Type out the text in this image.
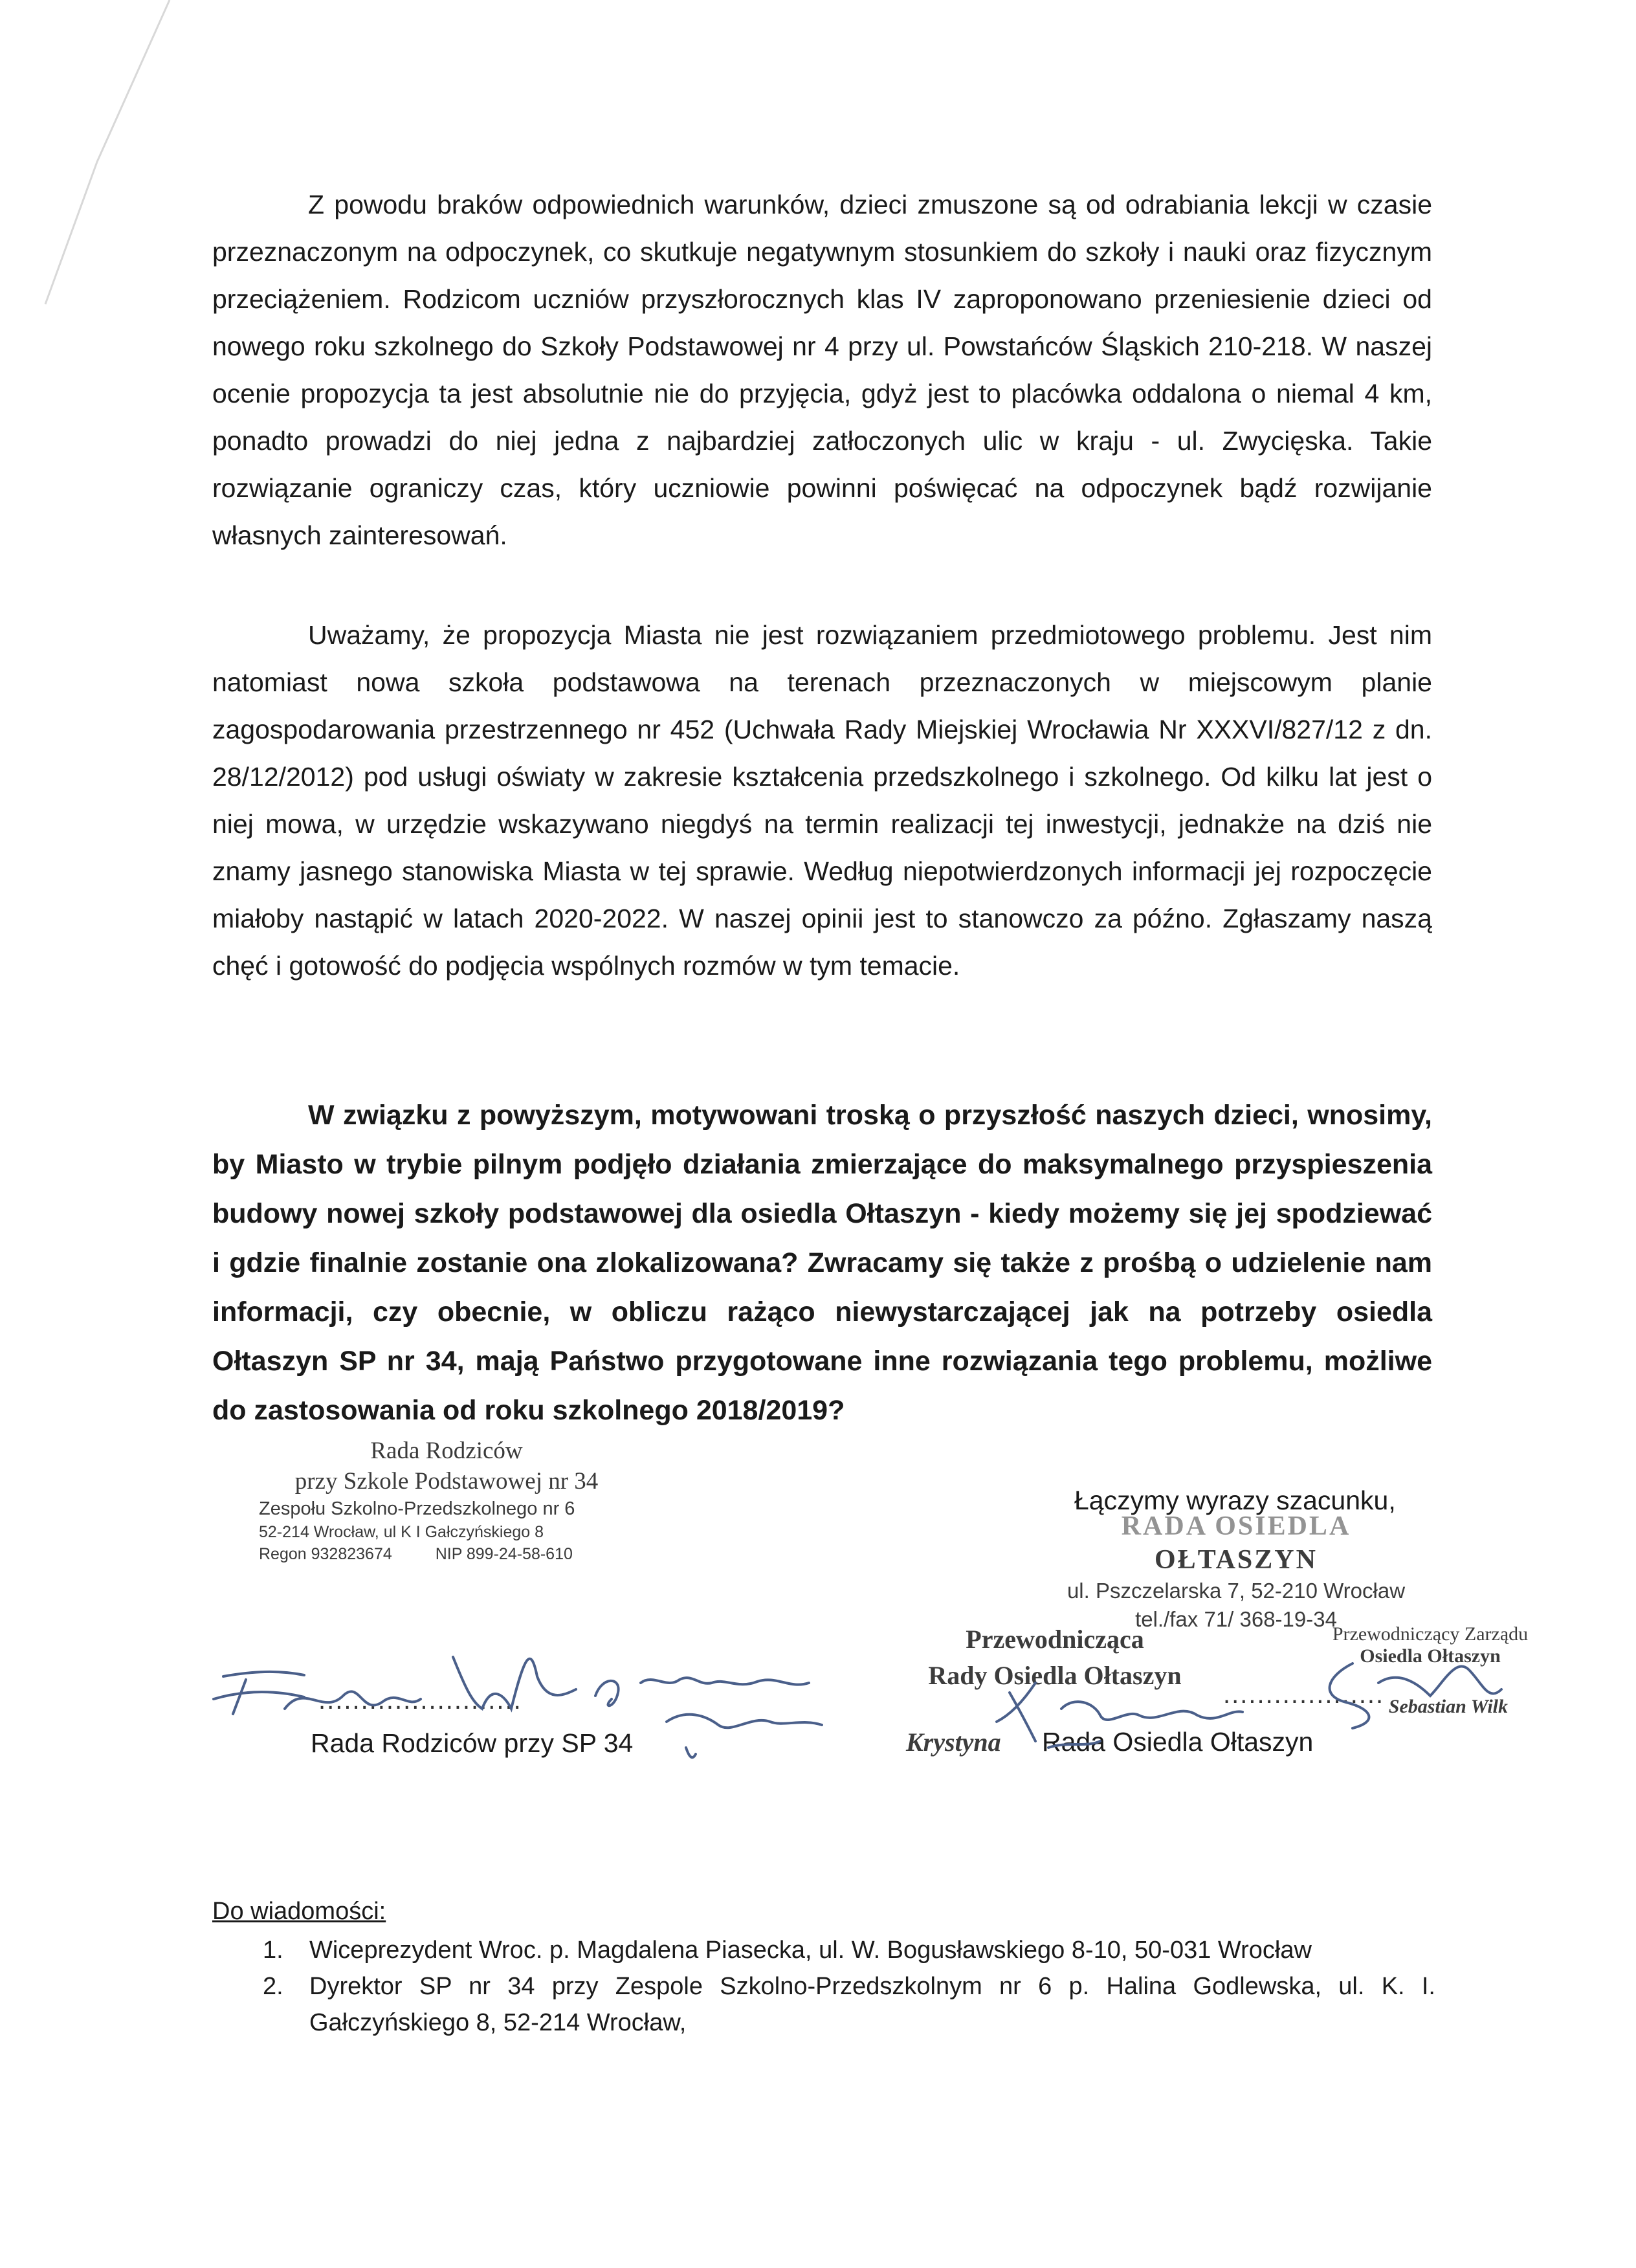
Z powodu braków odpowiednich warunków, dzieci zmuszone są od odrabiania lekcji w czasie przeznaczonym na odpoczynek, co skutkuje negatywnym stosunkiem do szkoły i nauki oraz fizycznym przeciążeniem. Rodzicom uczniów przyszłorocznych klas IV zaproponowano przeniesienie dzieci od nowego roku szkolnego do Szkoły Podstawowej nr 4 przy ul. Powstańców Śląskich 210-218. W naszej ocenie propozycja ta jest absolutnie nie do przyjęcia, gdyż jest to placówka oddalona o niemal 4 km, ponadto prowadzi do niej jedna z najbardziej zatłoczonych ulic w kraju - ul. Zwycięska. Takie rozwiązanie ograniczy czas, który uczniowie powinni poświęcać na odpoczynek bądź rozwijanie własnych zainteresowań.

Uważamy, że propozycja Miasta nie jest rozwiązaniem przedmiotowego problemu. Jest nim natomiast nowa szkoła podstawowa na terenach przeznaczonych w miejscowym planie zagospodarowania przestrzennego nr 452 (Uchwała Rady Miejskiej Wrocławia Nr XXXVI/827/12 z dn. 28/12/2012) pod usługi oświaty w zakresie kształcenia przedszkolnego i szkolnego. Od kilku lat jest o niej mowa, w urzędzie wskazywano niegdyś na termin realizacji tej inwestycji, jednakże na dziś nie znamy jasnego stanowiska Miasta w tej sprawie. Według niepotwierdzonych informacji jej rozpoczęcie miałoby nastąpić w latach 2020-2022. W naszej opinii jest to stanowczo za późno. Zgłaszamy naszą chęć i gotowość do podjęcia wspólnych rozmów w tym temacie.

W związku z powyższym, motywowani troską o przyszłość naszych dzieci, wnosimy, by Miasto w trybie pilnym podjęło działania zmierzające do maksymalnego przyspieszenia budowy nowej szkoły podstawowej dla osiedla Ołtaszyn - kiedy możemy się jej spodziewać i gdzie finalnie zostanie ona zlokalizowana? Zwracamy się także z prośbą o udzielenie nam informacji, czy obecnie, w obliczu rażąco niewystarczającej jak na potrzeby osiedla Ołtaszyn SP nr 34, mają Państwo przygotowane inne rozwiązania tego problemu, możliwe do zastosowania od roku szkolnego 2018/2019?

Rada Rodziców
przy Szkole Podstawowej nr 34
Zespołu Szkolno-Przedszkolnego nr 6
52-214 Wrocław, ul K I Gałczyńskiego 8
Regon 932823674	NIP 899-24-58-610
........................
Rada Rodziców przy SP 34
Łączymy wyrazy szacunku,
RADA OSIEDLA
OŁTASZYN
ul. Pszczelarska 7, 52-210 Wrocław
tel./fax 71/ 368-19-34
Przewodnicząca
Rady Osiedla Ołtaszyn
Przewodniczący Zarządu
Osiedla Ołtaszyn
Sebastian Wilk
...................
Krystyna Rada Osiedla Ołtaszyn
Do wiadomości:
1. Wiceprezydent Wroc. p. Magdalena Piasecka, ul. W. Bogusławskiego 8-10, 50-031 Wrocław
2. Dyrektor SP nr 34 przy Zespole Szkolno-Przedszkolnym nr 6 p. Halina Godlewska, ul. K. I. Gałczyńskiego 8, 52-214 Wrocław,
